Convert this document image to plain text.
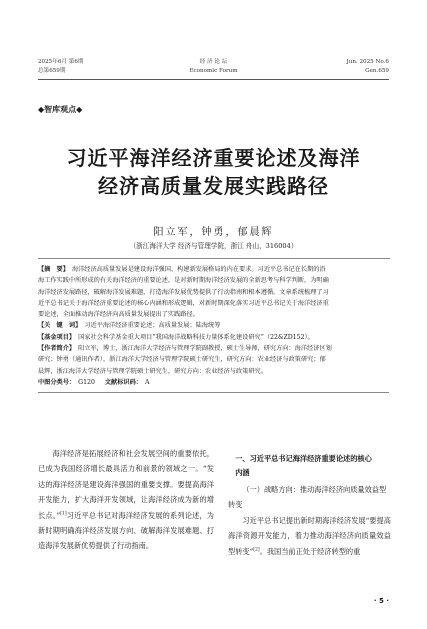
2025年6月 第6期
总第659期
经 济 论 坛
Economic Forum
Jun. 2025 No.6
Gen.659
◆智库观点◆
习近平海洋经济重要论述及海洋
经济高质量发展实践路径
阳立军，钟勇，郁晨辉
（浙江海洋大学 经济与管理学院，浙江 舟山，316004）
【摘　要】 海洋经济高质量发展是建设海洋强国、构建新发展格局的内在要求。习近平总书记在长期的沿
海工作实践中所形成的有关海洋经济的重要论述，是对新时期海洋经济发展的全新思考与科学判断，为明确
海洋经济发展路径，破解海洋发展难题，打造海洋发展优势提供了行动指南和根本遵循。文章系统梳理了习
近平总书记关于海洋经济重要论述的核心内涵和形成逻辑，对新时期深化落实习近平总书记关于海洋经济重
要论述，全面推动海洋经济向高质量发展提出了实践路径。
【关　键　词】 习近平海洋经济重要论述；高质量发展；陆海统筹
【基金项目】 国家社会科学基金重大项目“我国海洋战略科技力量体系化建设研究”（22&ZD152）。
【作者简介】 阳立军，博士，浙江海洋大学经济与管理学院副教授，硕士生导师，研究方向：海洋经济区划
研究；钟勇（通讯作者），浙江海洋大学经济与管理学院硕士研究生，研究方向：农业经济与政策研究；郁
晨辉，浙江海洋大学经济与管理学院硕士研究生，研究方向：农业经济与政策研究。
中图分类号： G120 文献标识码： A

海洋经济是拓展经济和社会发展空间的重要依托，已成为我国经济增长最具活力和前景的领域之一。“发达的海洋经济是建设海洋强国的重要支撑。要提高海洋开发能力，扩大海洋开发领域，让海洋经济成为新的增长点。”[1]习近平总书记对海洋经济发展的系列论述，为新时期明确海洋经济发展方向、破解海洋发展难题、打造海洋发展新优势提供了行动指南。

一、习近平总书记海洋经济重要论述的核心
内涵
（一）战略方向：推动海洋经济向质量效益型转变

习近平总书记提出新时期海洋经济发展“要提高海洋资源开发能力，着力推动海洋经济向质量效益型转变”[2]。我国当前正处于经济转型的重

· 5 ·
